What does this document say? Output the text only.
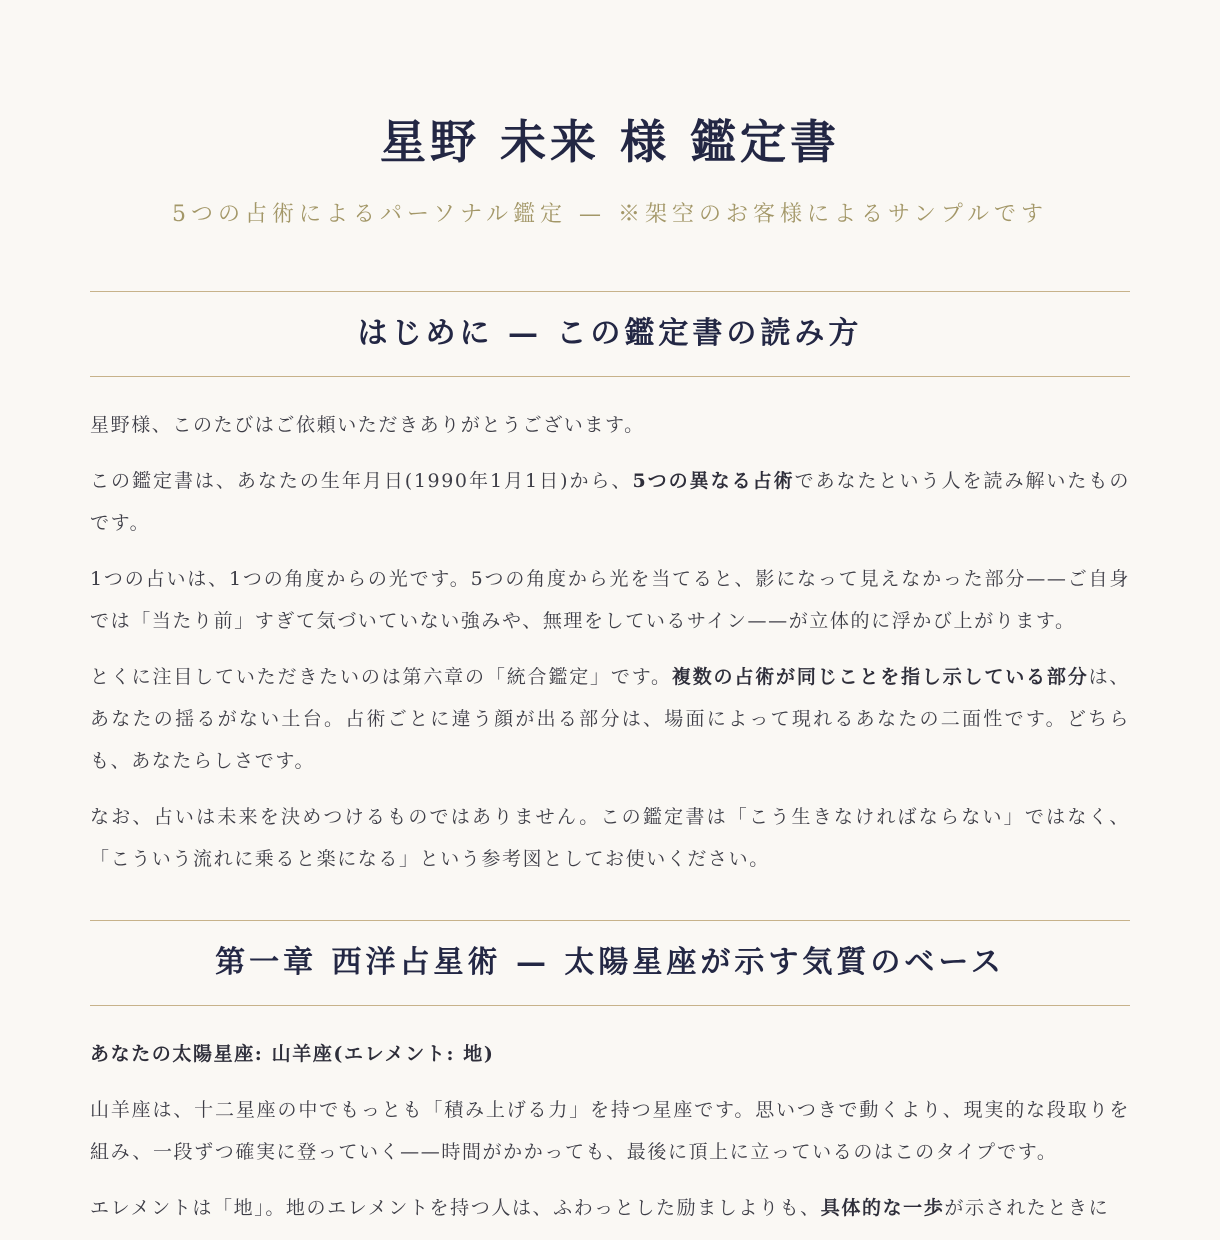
星野 未来 様 鑑定書

5つの占術によるパーソナル鑑定 — ※架空のお客様によるサンプルです

はじめに — この鑑定書の読み方

星野様、このたびはご依頼いただきありがとうございます。

この鑑定書は、あなたの生年月日(1990年1月1日)から、5つの異なる占術であなたという人を読み解いたものです。

1つの占いは、1つの角度からの光です。5つの角度から光を当てると、影になって見えなかった部分——ご自身では「当たり前」すぎて気づいていない強みや、無理をしているサイン——が立体的に浮かび上がります。

とくに注目していただきたいのは第六章の「統合鑑定」です。複数の占術が同じことを指し示している部分は、あなたの揺るがない土台。占術ごとに違う顔が出る部分は、場面によって現れるあなたの二面性です。どちらも、あなたらしさです。

なお、占いは未来を決めつけるものではありません。この鑑定書は「こう生きなければならない」ではなく、「こういう流れに乗ると楽になる」という参考図としてお使いください。

第一章 西洋占星術 — 太陽星座が示す気質のベース

あなたの太陽星座: 山羊座(エレメント: 地)

山羊座は、十二星座の中でもっとも「積み上げる力」を持つ星座です。思いつきで動くより、現実的な段取りを組み、一段ずつ確実に登っていく——時間がかかっても、最後に頂上に立っているのはこのタイプです。

エレメントは「地」。地のエレメントを持つ人は、ふわっとした励ましよりも、具体的な一歩が示されたときに
